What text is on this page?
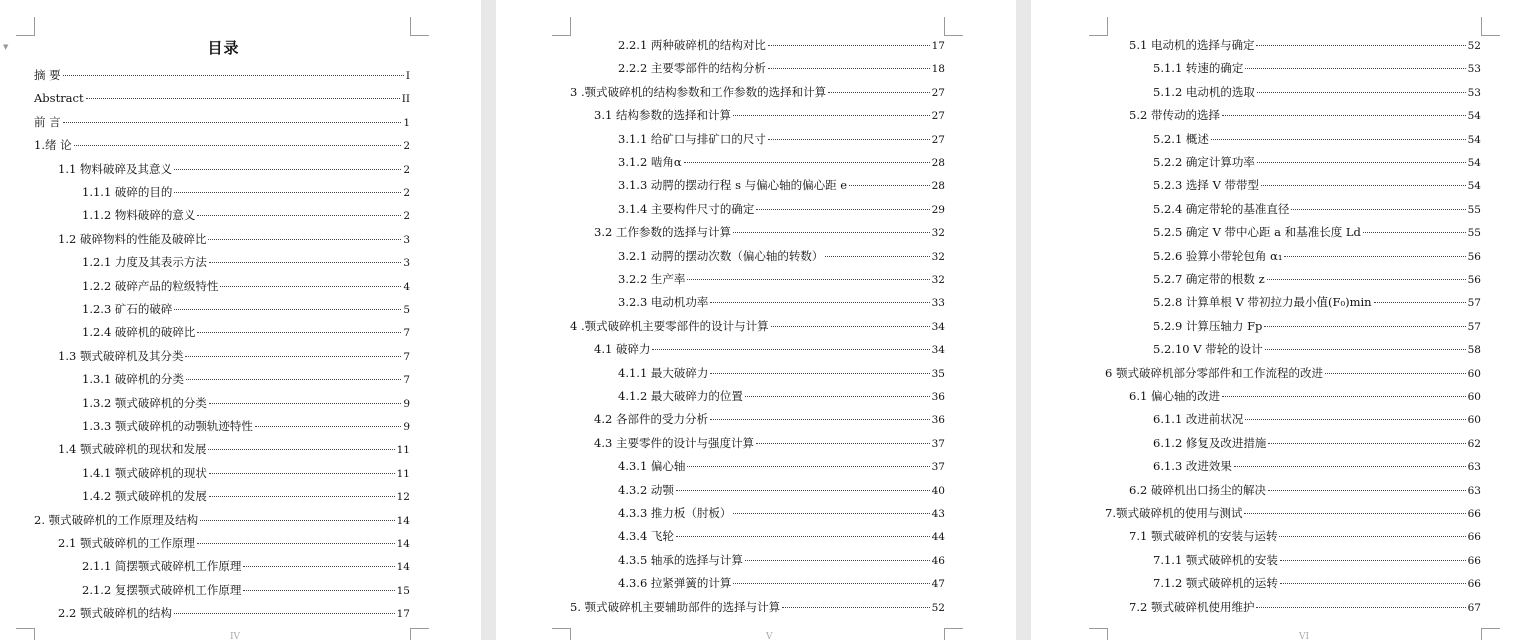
▼	目录
摘 要	I
Abstract	II
前 言	1
1.绪 论	2
1.1 物料破碎及其意义	2
1.1.1 破碎的目的	2
1.1.2 物料破碎的意义	2
1.2 破碎物料的性能及破碎比	3
1.2.1 力度及其表示方法	3
1.2.2 破碎产品的粒级特性	4
1.2.3 矿石的破碎	5
1.2.4 破碎机的破碎比	7
1.3 颚式破碎机及其分类	7
1.3.1 破碎机的分类	7
1.3.2 颚式破碎机的分类	9
1.3.3 颚式破碎机的动颚轨迹特性	9
1.4 颚式破碎机的现状和发展	11
1.4.1 颚式破碎机的现状	11
1.4.2 颚式破碎机的发展	12
2. 颚式破碎机的工作原理及结构	14
2.1 颚式破碎机的工作原理	14
2.1.1 简摆颚式破碎机工作原理	14
2.1.2 复摆颚式破碎机工作原理	15
2.2 颚式破碎机的结构	17
IV
2.2.1 两种破碎机的结构对比	17
2.2.2 主要零部件的结构分析	18
3 .颚式破碎机的结构参数和工作参数的选择和计算	27
3.1 结构参数的选择和计算	27
3.1.1 给矿口与排矿口的尺寸	27
3.1.2 啮角α	28
3.1.3 动腭的摆动行程 s 与偏心轴的偏心距 e	28
3.1.4 主要构件尺寸的确定	29
3.2 工作参数的选择与计算	32
3.2.1 动腭的摆动次数（偏心轴的转数）	32
3.2.2 生产率	32
3.2.3 电动机功率	33
4 .颚式破碎机主要零部件的设计与计算	34
4.1 破碎力	34
4.1.1 最大破碎力	35
4.1.2 最大破碎力的位置	36
4.2 各部件的受力分析	36
4.3 主要零件的设计与强度计算	37
4.3.1 偏心轴	37
4.3.2 动颚	40
4.3.3 推力板（肘板）	43
4.3.4 飞轮	44
4.3.5 轴承的选择与计算	46
4.3.6 拉紧弹簧的计算	47
5. 颚式破碎机主要辅助部件的选择与计算	52
V
5.1 电动机的选择与确定	52
5.1.1 转速的确定	53
5.1.2 电动机的选取	53
5.2 带传动的选择	54
5.2.1 概述	54
5.2.2 确定计算功率	54
5.2.3 选择 V 带带型	54
5.2.4 确定带轮的基准直径	55
5.2.5 确定 V 带中心距 a 和基准长度 Ld	55
5.2.6 验算小带轮包角 α₁	56
5.2.7 确定带的根数 z	56
5.2.8 计算单根 V 带初拉力最小值(F₀)min	57
5.2.9 计算压轴力 Fp	57
5.2.10 V 带轮的设计	58
6 颚式破碎机部分零部件和工作流程的改进	60
6.1 偏心轴的改进	60
6.1.1 改进前状况	60
6.1.2 修复及改进措施	62
6.1.3 改进效果	63
6.2 破碎机出口扬尘的解决	63
7.颚式破碎机的使用与测试	66
7.1 颚式破碎机的安装与运转	66
7.1.1 颚式破碎机的安装	66
7.1.2 颚式破碎机的运转	66
7.2 颚式破碎机使用维护	67
VI
